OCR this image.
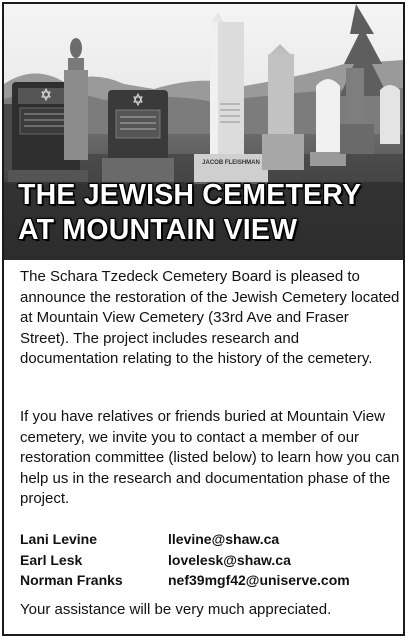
JACOB FLEISHMAN
THE JEWISH CEMETERY
AT MOUNTAIN VIEW

The Schara Tzedeck Cemetery Board is pleased to announce the restoration of the Jewish Cemetery located at Mountain View Cemetery (33rd Ave and Fraser Street). The project includes research and documentation relating to the history of the cemetery.

If you have relatives or friends buried at Mountain View cemetery, we invite you to contact a member of our restoration committee (listed below) to learn how you can help us in the research and documentation phase of the project.

Lani Levine	llevine@shaw.ca
Earl Lesk	lovelesk@shaw.ca
Norman Franks	nef39mgf42@uniserve.com

Your assistance will be very much appreciated.
